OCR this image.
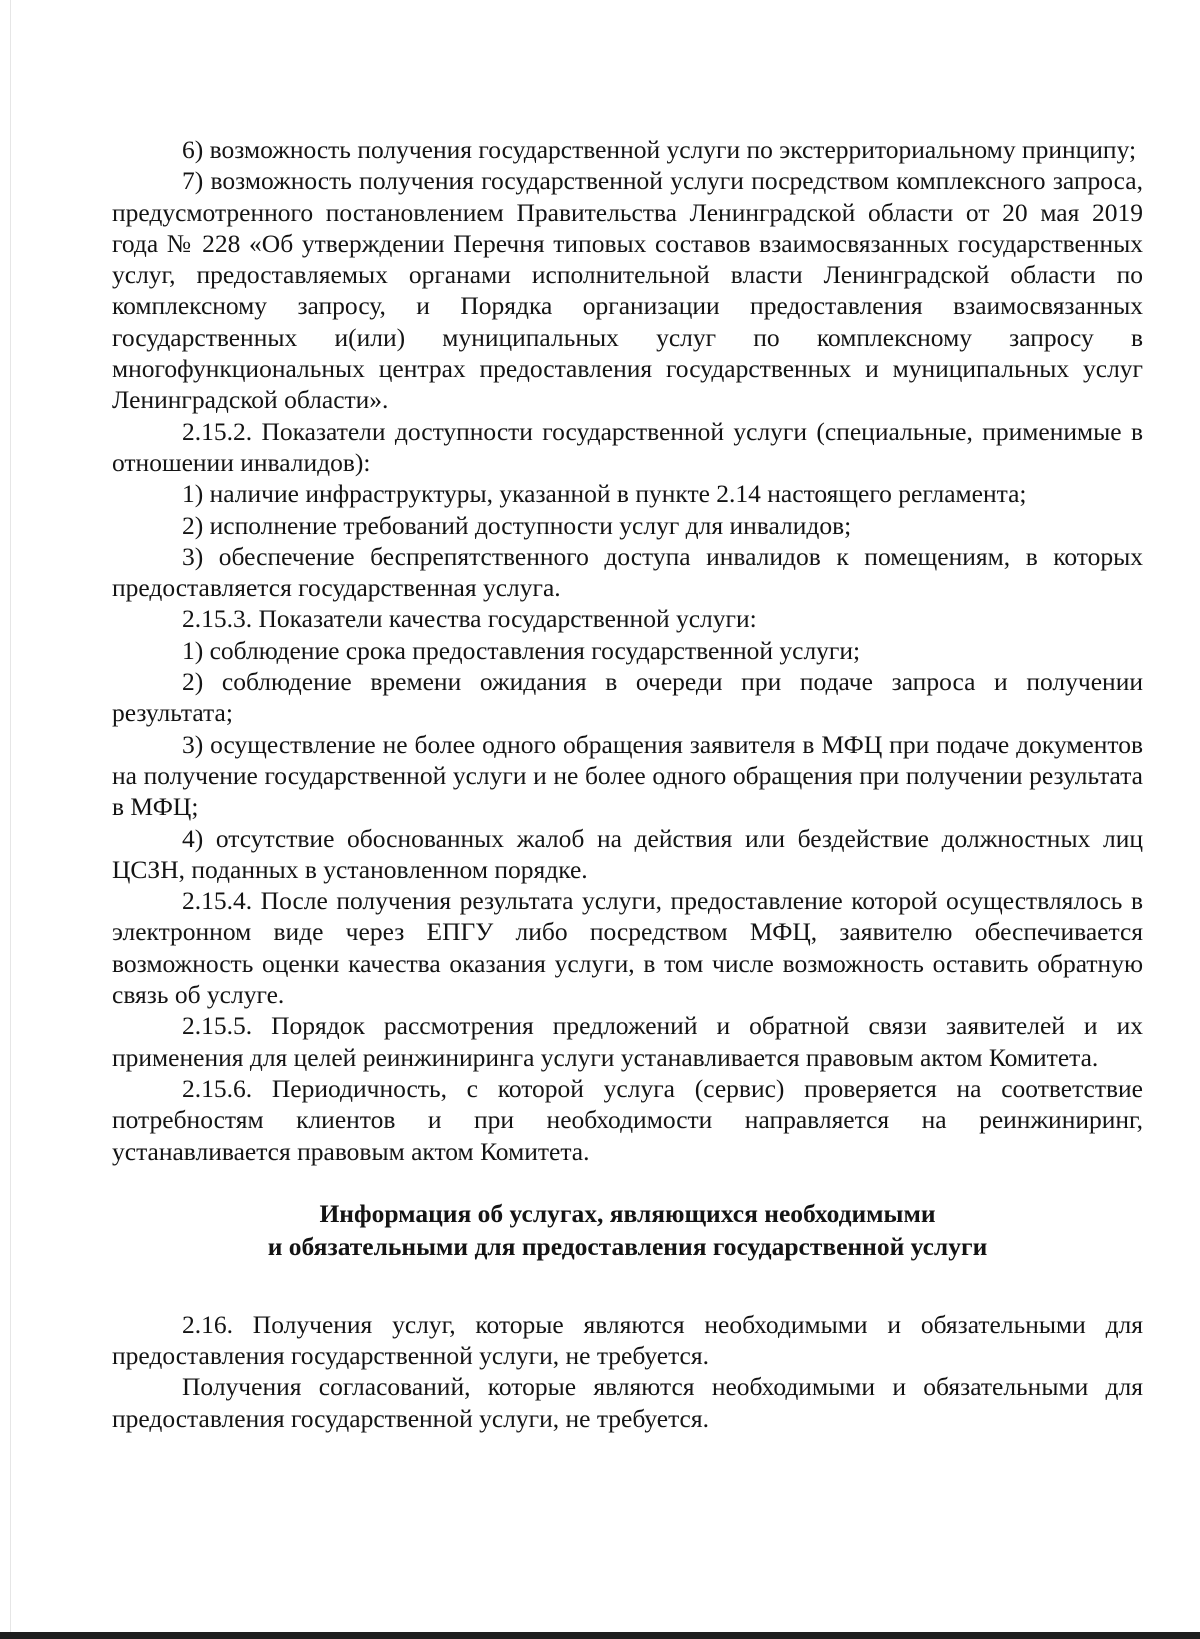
6) возможность получения государственной услуги по экстерриториальному принципу;

7) возможность получения государственной услуги посредством комплексного запроса, предусмотренного постановлением Правительства Ленинградской области от 20 мая 2019 года № 228 «Об утверждении Перечня типовых составов взаимосвязанных государственных услуг, предоставляемых органами исполнительной власти Ленинградской области по комплексному запросу, и Порядка организации предоставления взаимосвязанных государственных и(или) муниципальных услуг по комплексному запросу в многофункциональных центрах предоставления государственных и муниципальных услуг Ленинградской области».

2.15.2. Показатели доступности государственной услуги (специальные, применимые в отношении инвалидов):

1) наличие инфраструктуры, указанной в пункте 2.14 настоящего регламента;

2) исполнение требований доступности услуг для инвалидов;

3) обеспечение беспрепятственного доступа инвалидов к помещениям, в которых предоставляется государственная услуга.

2.15.3. Показатели качества государственной услуги:

1) соблюдение срока предоставления государственной услуги;

2) соблюдение времени ожидания в очереди при подаче запроса и получении результата;

3) осуществление не более одного обращения заявителя в МФЦ при подаче документов на получение государственной услуги и не более одного обращения при получении результата в МФЦ;

4) отсутствие обоснованных жалоб на действия или бездействие должностных лиц ЦСЗН, поданных в установленном порядке.

2.15.4. После получения результата услуги, предоставление которой осуществлялось в электронном виде через ЕПГУ либо посредством МФЦ, заявителю обеспечивается возможность оценки качества оказания услуги, в том числе возможность оставить обратную связь об услуге.

2.15.5. Порядок рассмотрения предложений и обратной связи заявителей и их применения для целей реинжиниринга услуги устанавливается правовым актом Комитета.

2.15.6. Периодичность, с которой услуга (сервис) проверяется на соответствие потребностям клиентов и при необходимости направляется на реинжиниринг, устанавливается правовым актом Комитета.

Информация об услугах, являющихся необходимыми
и обязательными для предоставления государственной услуги

2.16. Получения услуг, которые являются необходимыми и обязательными для предоставления государственной услуги, не требуется.

Получения согласований, которые являются необходимыми и обязательными для предоставления государственной услуги, не требуется.
